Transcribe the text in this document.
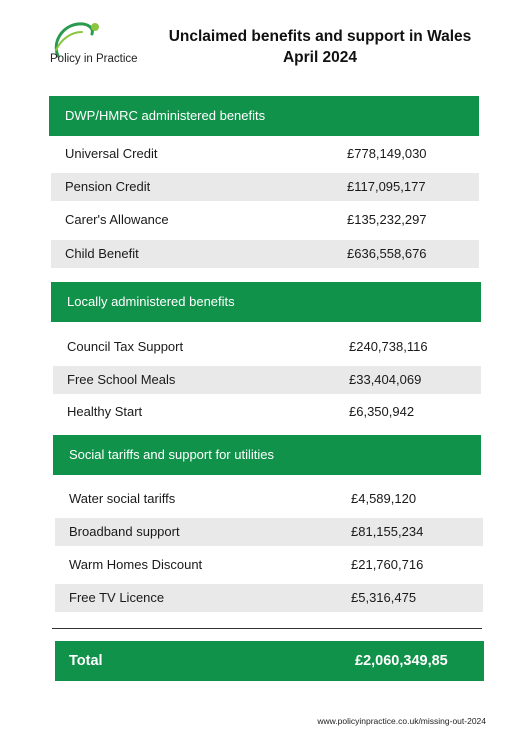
Policy in Practice
Unclaimed benefits and support in Wales
April 2024
DWP/HMRC administered benefits
Universal Credit	£778,149,030
Pension Credit	£117,095,177
Carer's Allowance	£135,232,297
Child Benefit	£636,558,676
Locally administered benefits
Council Tax Support	£240,738,116
Free School Meals	£33,404,069
Healthy Start	£6,350,942
Social tariffs and support for utilities
Water social tariffs	£4,589,120
Broadband support	£81,155,234
Warm Homes Discount	£21,760,716
Free TV Licence	£5,316,475
Total	£2,060,349,85
www.policyinpractice.co.uk/missing-out-2024
